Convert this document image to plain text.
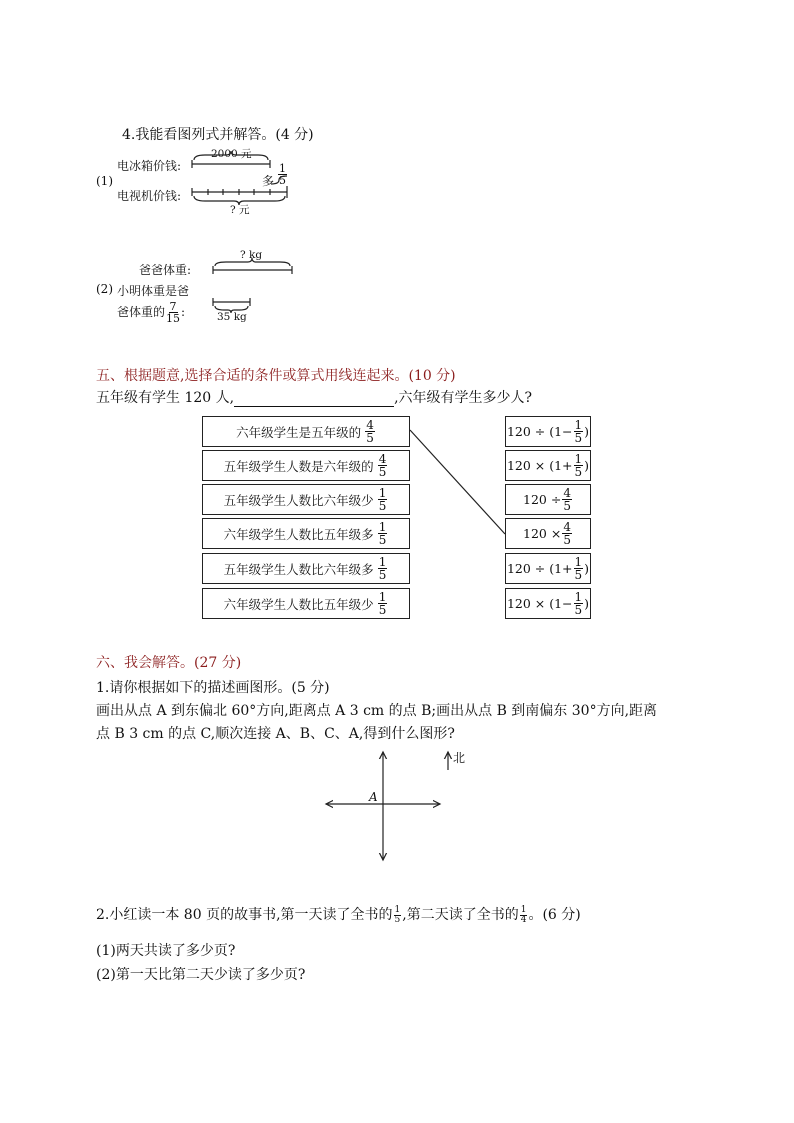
4.我能看图列式并解答。(4 分)
2000 元
电冰箱价钱:
(1)	多 $\frac{1}{5}$
电视机价钱:
? 元
? kg
爸爸体重:
(2) 小明体重是爸
爸体重的 $\frac{7}{15}$ :	35 kg
五、根据题意,选择合适的条件或算式用线连起来。(10 分)
五年级有学生 120 人,	,六年级有学生多少人?
六年级学生是五年级的 $\frac{4}{5}$
五年级学生人数是六年级的 $\frac{4}{5}$
五年级学生人数比六年级少 $\frac{1}{5}$
六年级学生人数比五年级多 $\frac{1}{5}$
五年级学生人数比六年级多 $\frac{1}{5}$
六年级学生人数比五年级少 $\frac{1}{5}$
$120 \div (1- \frac{1}{5}$ )
$120 \times (1+ \frac{1}{5}$ )
$120 \div \frac{4}{5}$
$120 \times \frac{4}{5}$
$120 \div (1+ \frac{1}{5}$ )
$120 \times (1- \frac{1}{5}$ )
六、我会解答。(27 分)
1.请你根据如下的描述画图形。(5 分)
画出从点 A 到东偏北 60°方向,距离点 A 3 cm 的点 B;画出从点 B 到南偏东 30°方向,距离
点 B 3 cm 的点 C,顺次连接 A、B、C、A,得到什么图形?
北
A
2.小红读一本 80 页的故事书,第一天读了全书的 $\frac{1}{5}$ ,第二天读了全书的 $\frac{1}{4}$ 。(6 分)
(1)两天共读了多少页?
(2)第一天比第二天少读了多少页?
